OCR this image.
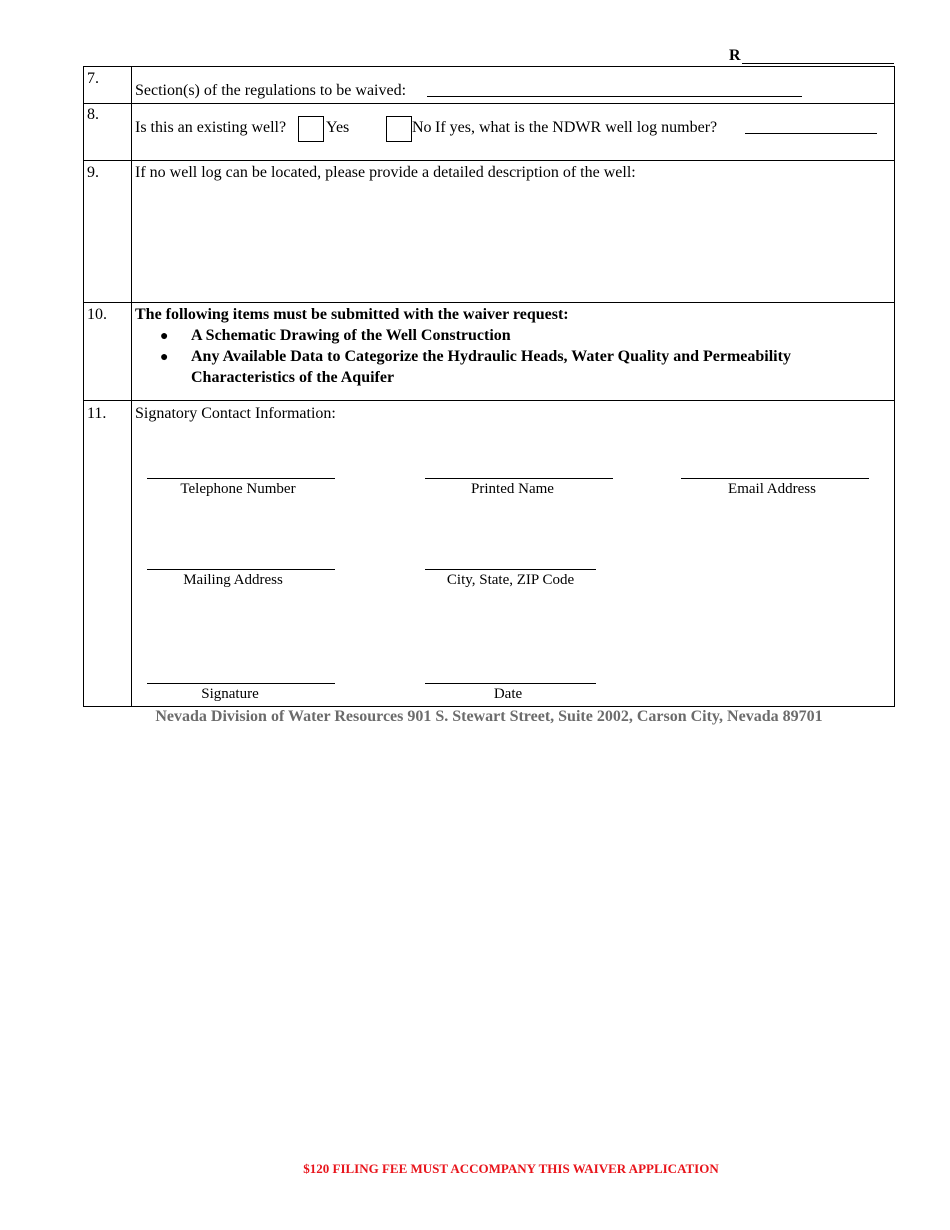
R
7.
Section(s) of the regulations to be waived:
8.
Is this an existing well? Yes	No If yes, what is the NDWR well log number?
9. If no well log can be located, please provide a detailed description of the well:
10. The following items must be submitted with the waiver request:
● A Schematic Drawing of the Well Construction
● Any Available Data to Categorize the Hydraulic Heads, Water Quality and Permeability
Characteristics of the Aquifer
11. Signatory Contact Information:
Telephone Number	Printed Name	Email Address
Mailing Address	City, State, ZIP Code
Signature	Date
Nevada Division of Water Resources 901 S. Stewart Street, Suite 2002, Carson City, Nevada 89701
$120 FILING FEE MUST ACCOMPANY THIS WAIVER APPLICATION
